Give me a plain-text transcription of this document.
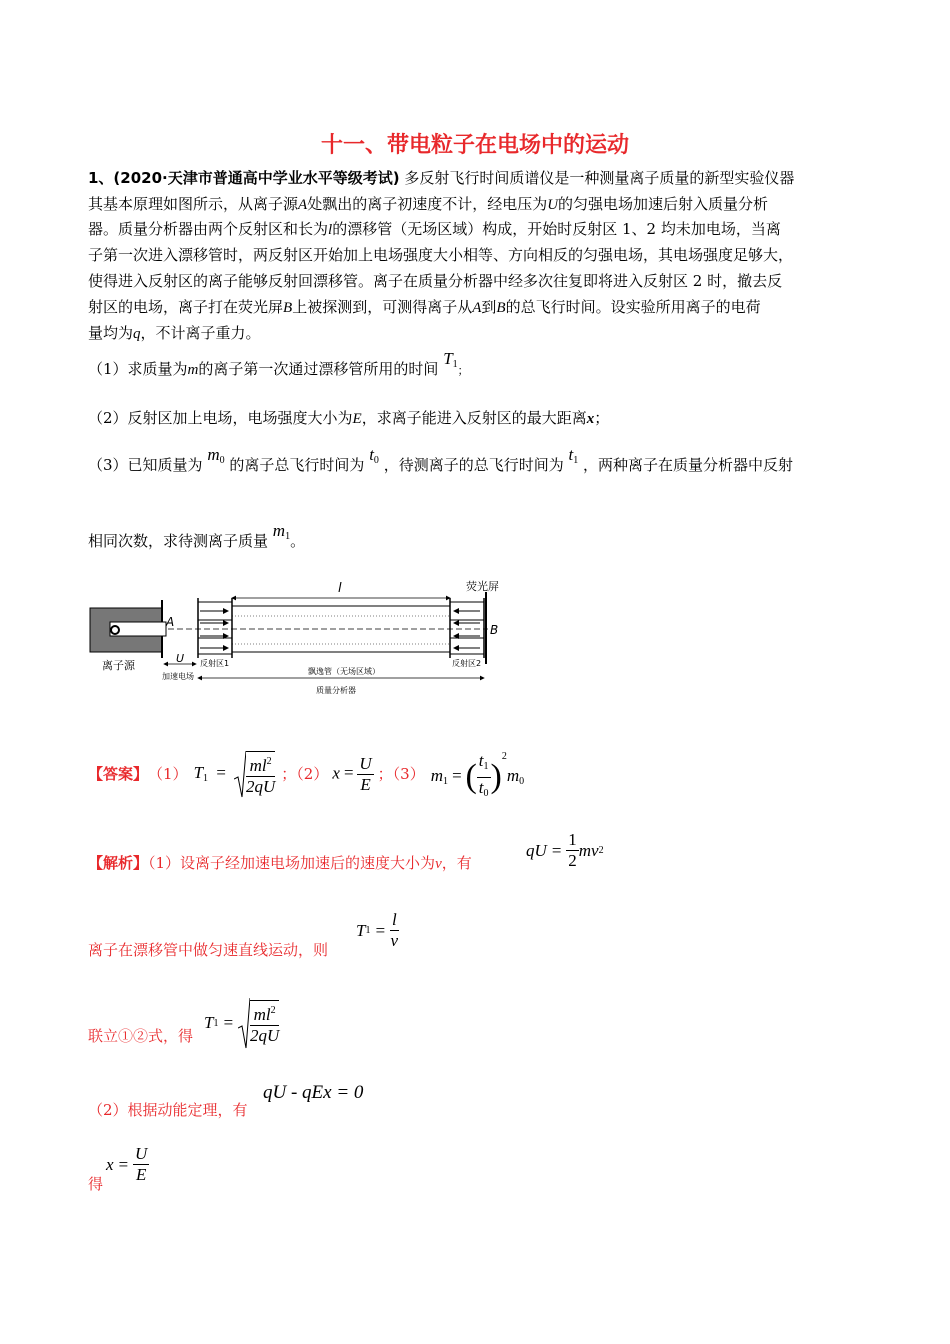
十一、带电粒子在电场中的运动
1、(2020·天津市普通高中学业水平等级考试) 多反射飞行时间质谱仪是一种测量离子质量的新型实验仪器
其基本原理如图所示，从离子源A处飘出的离子初速度不计，经电压为U的匀强电场加速后射入质量分析
器。质量分析器由两个反射区和长为l的漂移管（无场区域）构成，开始时反射区 1、2 均未加电场，当离
子第一次进入漂移管时，两反射区开始加上电场强度大小相等、方向相反的匀强电场，其电场强度足够大，
使得进入反射区的离子能够反射回漂移管。离子在质量分析器中经多次往复即将进入反射区 2 时，撤去反
射区的电场，离子打在荧光屏B上被探测到，可测得离子从A到B的总飞行时间。设实验所用离子的电荷
量均为q，不计离子重力。
（1）求质量为m的离子第一次通过漂移管所用的时间 $T_1$；
（2）反射区加上电场，电场强度大小为E，求离子能进入反射区的最大距离x；
（3）已知质量为 $m_0$ 的离子总飞行时间为 $t_0$ ，待测离子的总飞行时间为 $t_1$ ，两种离子在质量分析器中反射
相同次数，求待测离子质量 $m_1$。
l	荧光屏
A
B
离子源
U
加速电场
反射区1
飘逸管（无场区域）
反射区2
质量分析器
【答案】 （1） $T_1 = \frac{ml^2}{2qU}$ ；（2） $x = \frac{U}{E}$ ；（3） $m_1$ =( $\frac{t_1}{t_0} )^2m_0$
【解析】（1）设离子经加速电场加速后的速度大小为v，有
qU = $\frac{1}{2}$ mv 2
离子在漂移管中做匀速直线运动，则
T $1 = \frac{l}{v}$
联立①②式，得
T $1 = \frac{ml^2}{2qU}$
（2）根据动能定理，有
qU - qEx = 0
得
$x = \frac{U}{E}$
